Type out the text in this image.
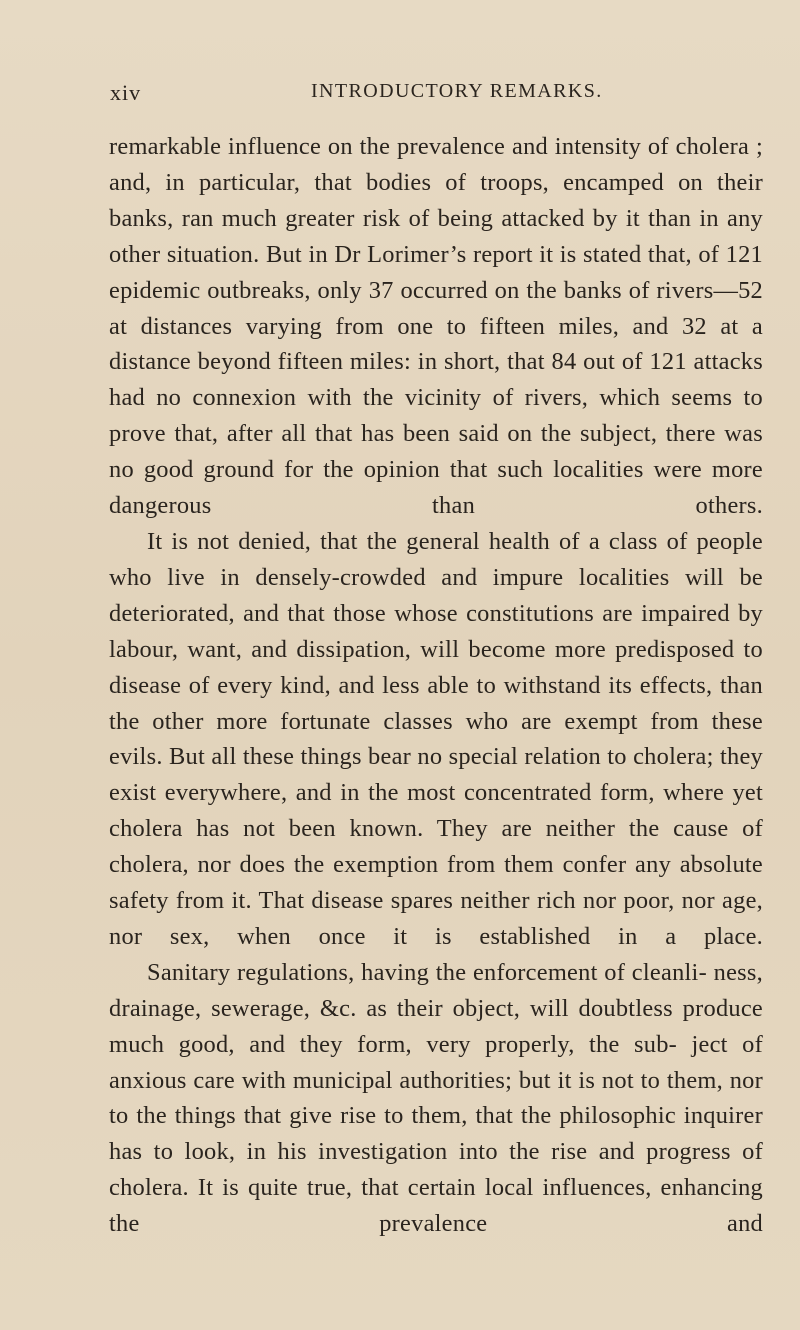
xiv	INTRODUCTORY REMARKS.

remarkable influence on the prevalence and intensity of cholera ; and, in particular, that bodies of troops, encamped on their banks, ran much greater risk of being attacked by it than in any other situation. But in Dr Lorimer’s report it is stated that, of 121 epidemic outbreaks, only 37 occurred on the banks of rivers—52 at distances varying from one to fifteen miles, and 32 at a distance beyond fifteen miles: in short, that 84 out of 121 attacks had no connexion with the vicinity of rivers, which seems to prove that, after all that has been said on the subject, there was no good ground for the opinion that such localities were more dangerous than others.

It is not denied, that the general health of a class of people who live in densely-crowded and impure localities will be deteriorated, and that those whose constitutions are impaired by labour, want, and dissipation, will become more predisposed to disease of every kind, and less able to withstand its effects, than the other more fortunate classes who are exempt from these evils. But all these things bear no special relation to cholera; they exist everywhere, and in the most concentrated form, where yet cholera has not been known. They are neither the cause of cholera, nor does the exemption from them confer any absolute safety from it. That disease spares neither rich nor poor, nor age, nor sex, when once it is established in a place.

Sanitary regulations, having the enforcement of cleanli- ness, drainage, sewerage, &c. as their object, will doubtless produce much good, and they form, very properly, the sub- ject of anxious care with municipal authorities; but it is not to them, nor to the things that give rise to them, that the philosophic inquirer has to look, in his investigation into the rise and progress of cholera. It is quite true, that certain local influences, enhancing the prevalence and
